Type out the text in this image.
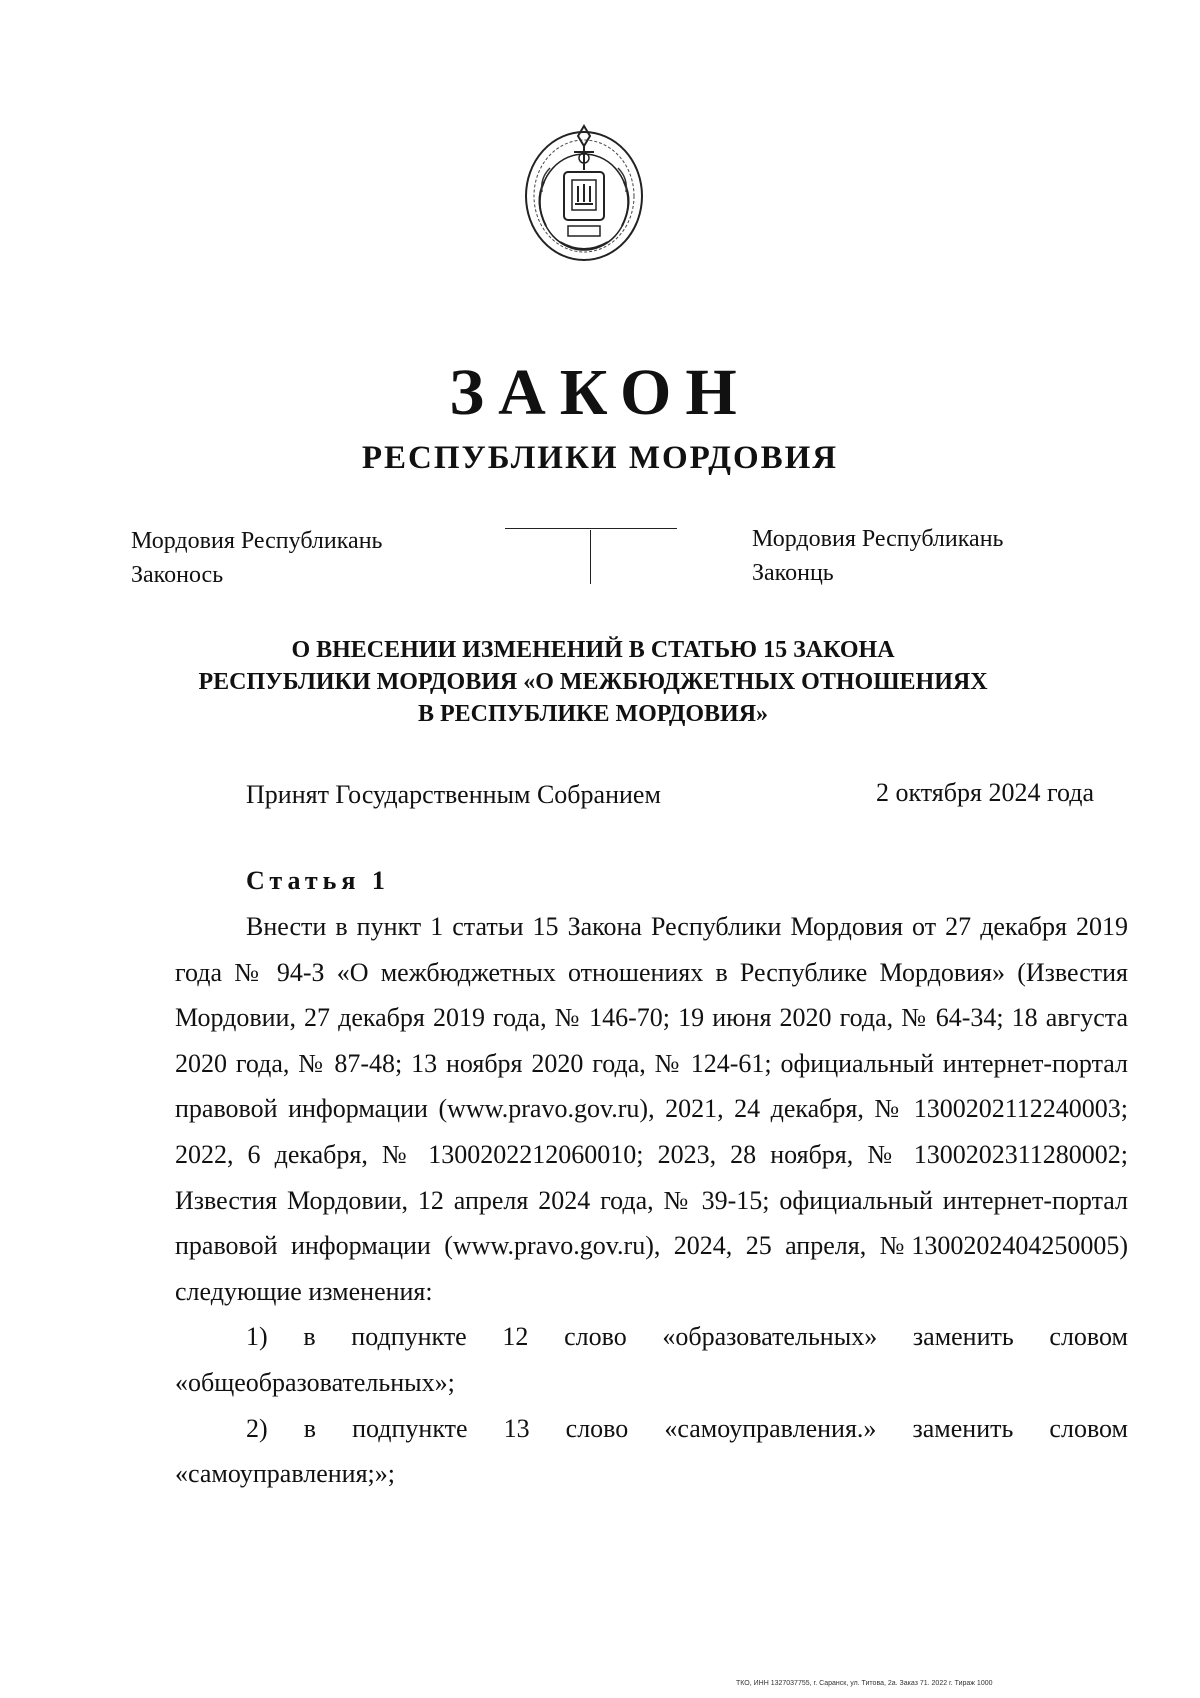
ЗАКОН
РЕСПУБЛИКИ МОРДОВИЯ
Мордовия Республикань
Законось
Мордовия Республикань
Законць
О ВНЕСЕНИИ ИЗМЕНЕНИЙ В СТАТЬЮ 15 ЗАКОНА
РЕСПУБЛИКИ МОРДОВИЯ «О МЕЖБЮДЖЕТНЫХ ОТНОШЕНИЯХ
В РЕСПУБЛИКЕ МОРДОВИЯ»
Принят Государственным Собранием	2 октября 2024 года
Статья 1

Внести в пункт 1 статьи 15 Закона Республики Мордовия от 27 декабря 2019 года № 94-З «О межбюджетных отношениях в Республике Мордовия» (Известия Мордовии, 27 декабря 2019 года, № 146-70; 19 июня 2020 года, № 64-34; 18 августа 2020 года, № 87-48; 13 ноября 2020 года, № 124-61; официальный интернет-портал правовой информации (www.pravo.gov.ru), 2021, 24 декабря, № 1300202112240003; 2022, 6 декабря, № 1300202212060010; 2023, 28 ноября, № 1300202311280002; Известия Мордовии, 12 апреля 2024 года, № 39-15; официальный интернет-портал правовой информации (www.pravo.gov.ru), 2024, 25 апреля, №1300202404250005) следующие изменения:

1) в подпункте 12 слово «образовательных» заменить словом «общеобразовательных»;

2) в подпункте 13 слово «самоуправления.» заменить словом «самоуправления;»;

ТКО, ИНН 1327037755, г. Саранск, ул. Титова, 2а. Заказ 71. 2022 г. Тираж 1000
